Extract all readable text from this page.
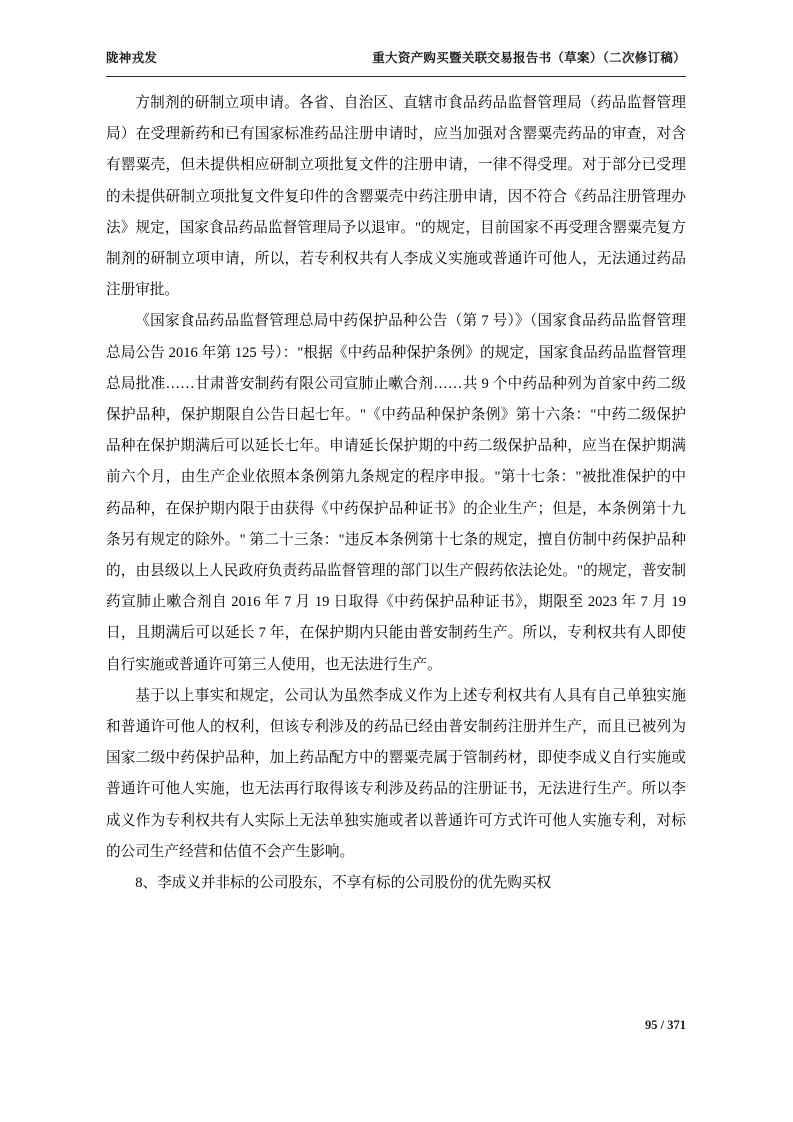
陇神戎发	重大资产购买暨关联交易报告书（草案）（二次修订稿）

方制剂的研制立项申请。各省、自治区、直辖市食品药品监督管理局（药品监督管理局）在受理新药和已有国家标准药品注册申请时，应当加强对含罂粟壳药品的审查，对含有罂粟壳，但未提供相应研制立项批复文件的注册申请，一律不得受理。对于部分已受理的未提供研制立项批复文件复印件的含罂粟壳中药注册申请，因不符合《药品注册管理办法》规定，国家食品药品监督管理局予以退审。"的规定，目前国家不再受理含罂粟壳复方制剂的研制立项申请，所以，若专利权共有人李成义实施或普通许可他人，无法通过药品注册审批。

《国家食品药品监督管理总局中药保护品种公告（第 7 号）》（国家食品药品监督管理总局公告 2016 年第 125 号）："根据《中药品种保护条例》的规定，国家食品药品监督管理总局批准……甘肃普安制药有限公司宣肺止嗽合剂……共 9 个中药品种列为首家中药二级保护品种，保护期限自公告日起七年。"《中药品种保护条例》第十六条："中药二级保护品种在保护期满后可以延长七年。申请延长保护期的中药二级保护品种，应当在保护期满前六个月，由生产企业依照本条例第九条规定的程序申报。"第十七条："被批准保护的中药品种，在保护期内限于由获得《中药保护品种证书》的企业生产；但是，本条例第十九条另有规定的除外。" 第二十三条："违反本条例第十七条的规定，擅自仿制中药保护品种的，由县级以上人民政府负责药品监督管理的部门以生产假药依法论处。"的规定，普安制药宣肺止嗽合剂自 2016 年 7 月 19 日取得《中药保护品种证书》，期限至 2023 年 7 月 19 日，且期满后可以延长 7 年，在保护期内只能由普安制药生产。所以，专利权共有人即使自行实施或普通许可第三人使用，也无法进行生产。

基于以上事实和规定，公司认为虽然李成义作为上述专利权共有人具有自己单独实施和普通许可他人的权利，但该专利涉及的药品已经由普安制药注册并生产，而且已被列为国家二级中药保护品种，加上药品配方中的罂粟壳属于管制药材，即使李成义自行实施或普通许可他人实施，也无法再行取得该专利涉及药品的注册证书，无法进行生产。所以李成义作为专利权共有人实际上无法单独实施或者以普通许可方式许可他人实施专利，对标的公司生产经营和估值不会产生影响。

8、李成义并非标的公司股东，不享有标的公司股份的优先购买权

95 / 371
